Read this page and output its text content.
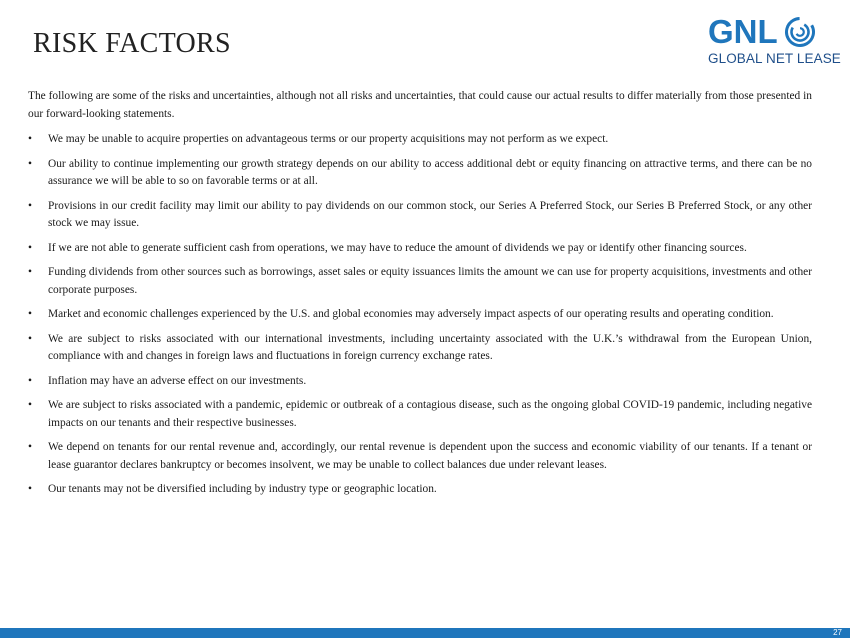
RISK FACTORS	GNL
GLOBAL NET LEASE

The following are some of the risks and uncertainties, although not all risks and uncertainties, that could cause our actual results to differ materially from those presented in our forward-looking statements.

• We may be unable to acquire properties on advantageous terms or our property acquisitions may not perform as we expect.
• Our ability to continue implementing our growth strategy depends on our ability to access additional debt or equity financing on attractive terms, and there can be no assurance we will be able to so on favorable terms or at all.
• Provisions in our credit facility may limit our ability to pay dividends on our common stock, our Series A Preferred Stock, our Series B Preferred Stock, or any other stock we may issue.
• If we are not able to generate sufficient cash from operations, we may have to reduce the amount of dividends we pay or identify other financing sources.
• Funding dividends from other sources such as borrowings, asset sales or equity issuances limits the amount we can use for property acquisitions, investments and other corporate purposes.
• Market and economic challenges experienced by the U.S. and global economies may adversely impact aspects of our operating results and operating condition.
• We are subject to risks associated with our international investments, including uncertainty associated with the U.K.’s withdrawal from the European Union, compliance with and changes in foreign laws and fluctuations in foreign currency exchange rates.
• Inflation may have an adverse effect on our investments.
• We are subject to risks associated with a pandemic, epidemic or outbreak of a contagious disease, such as the ongoing global COVID-19 pandemic, including negative impacts on our tenants and their respective businesses.
• We depend on tenants for our rental revenue and, accordingly, our rental revenue is dependent upon the success and economic viability of our tenants. If a tenant or lease guarantor declares bankruptcy or becomes insolvent, we may be unable to collect balances due under relevant leases.
• Our tenants may not be diversified including by industry type or geographic location.
27
